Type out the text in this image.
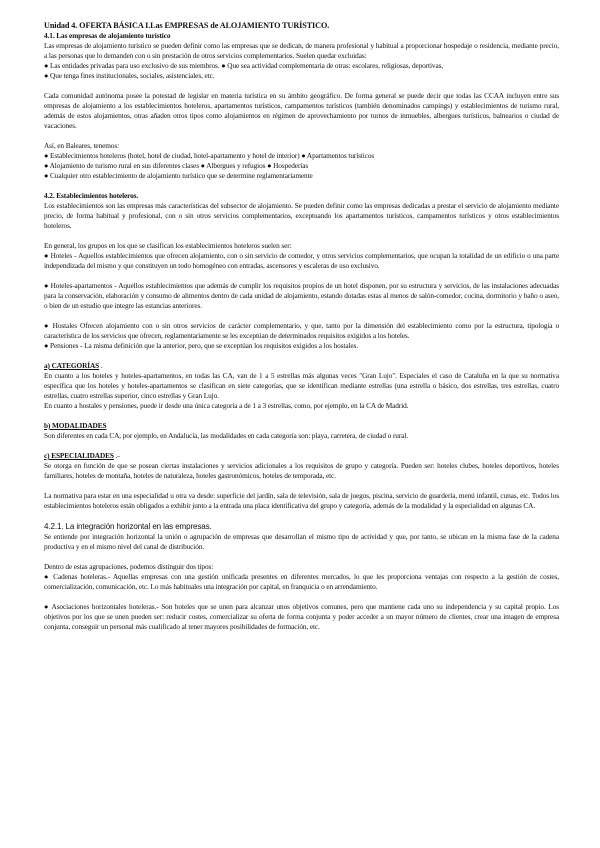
Unidad 4. OFERTA BÁSICA I.Las EMPRESAS de ALOJAMIENTO TURÍSTICO.

4.1. Las empresas de alojamiento turístico

Las empresas de alojamiento turístico se pueden definir como las empresas que se dedican, de manera profesional y habitual a proporcionar hospedaje o residencia, mediante precio, a las personas que lo demanden con o sin prestación de otros servicios complementarios. Suelen quedar excluidas:

● Las entidades privadas para uso exclusivo de sus miembros. ● Que sea actividad complementaria de otras: escolares, religiosas, deportivas,

● Que tenga fines institucionales, sociales, asistenciales, etc.

Cada comunidad autónoma posee la potestad de legislar en materia turística en su ámbito geográfico. De forma general se puede decir que todas las CCAA incluyen entre sus empresas de alojamiento a los establecimientos hoteleros, apartamentos turísticos, campamentos turísticos (también denominados campings) y establecimientos de turismo rural, además de estos alojamientos, otras añaden otros tipos como alojamientos en régimen de aprovechamiento por turnos de inmuebles, albergues turísticos, balnearios o ciudad de vacaciones.

Así, en Baleares, tenemos:

● Establecimientos hoteleros (hotel, hotel de ciudad, hotel-apartamento y hotel de interior) ● Apartamentos turísticos

● Alojamiento de turismo rural en sus diferentes clases ● Albergues y refugios ● Hospederías

● Cualquier otro establecimiento de alojamiento turístico que se determine reglamentariamente

4.2. Establecimientos hoteleros.

Los establecimientos son las empresas más características del subsector de alojamiento. Se pueden definir como las empresas dedicadas a prestar el servicio de alojamiento mediante precio, de forma habitual y profesional, con o sin otros servicios complementarios, exceptuando los apartamentos turísticos, campamentos turísticos y otros establecimientos hoteleros.

En general, los grupos en los que se clasifican los establecimientos hoteleros suelen ser:

● Hoteles - Aquellos establecimientos que ofrecen alojamiento, con o sin servicio de comedor, y otros servicios complementarios, que ocupan la totalidad de un edificio o una parte independizada del mismo y que constituyen un todo homogéneo con entradas, ascensores y escaleras de uso exclusivo.

● Hoteles-apartamentos - Aquellos establecimientos que además de cumplir los requisitos propios de un hotel disponen, por su estructura y servicios, de las instalaciones adecuadas para la conservación, elaboración y consumo de alimentos dentro de cada unidad de alojamiento, estando dotadas estas al menos de salón-comedor, cocina, dormitorio y baño o aseo, o bien de un estudio que integre las estancias anteriores.

● Hostales Ofrecen alojamiento con o sin otros servicios de carácter complementario, y que, tanto por la dimensión del establecimiento como por la estructura, tipología o característica de los servicios que ofrecen, reglamentariamente se les exceptúan de determinados requisitos exigidos a los hoteles.

● Pensiones - La misma definición que la anterior, pero, que se exceptúan los requisitos exigidos a los hostales.

a) CATEGORÍAS .

En cuanto a los hoteles y hoteles-apartamentos, en todas las CA, van de 1 a 5 estrellas más algunas veces "Gran Lujo". Especiales el caso de Cataluña en la que su normativa específica que los hoteles y hoteles-apartamentos se clasifican en siete categorías, que se identifican mediante estrellas (una estrella o básico, dos estrellas, tres estrellas, cuatro estrellas, cuatro estrellas superior, cinco estrellas y Gran Lujo.

En cuanto a hostales y pensiones, puede ir desde una única categoría a de 1 a 3 estrellas, como, por ejemplo, en la CA de Madrid.

b) MODALIDADES

Son diferentes en cada CA, por ejemplo, en Andalucía, las modalidades en cada categoría son: playa, carretera, de ciudad o rural.

c) ESPECIALIDADES .-

Se otorga en función de que se posean ciertas instalaciones y servicios adicionales a los requisitos de grupo y categoría. Pueden ser: hoteles clubes, hoteles deportivos, hoteles familiares, hoteles de montaña, hoteles de naturaleza, hoteles gastronómicos, hoteles de temporada, etc.

La normativa para estar en una especialidad u otra va desde: superficie del jardín, sala de televisión, sala de juegos, piscina, servicio de guardería, menú infantil, cunas, etc. Todos los establecimientos hoteleros están obligados a exhibir junto a la entrada una placa identificativa del grupo y categoría, además de la modalidad y la especialidad en algunas CA.

4.2.1. La integración horizontal en las empresas.

Se entiende por integración horizontal la unión o agrupación de empresas que desarrollan el mismo tipo de actividad y que, por tanto, se ubican en la misma fase de la cadena productiva y en el mismo nivel del canal de distribución.

Dentro de estas agrupaciones, podemos distinguir dos tipos:

● Cadenas hoteleras.- Aquellas empresas con una gestión unificada presentes en diferentes mercados, lo que les proporciona ventajas con respecto a la gestión de costes, comercialización, comunicación, etc. Lo más habituales una integración por capital, en franquicia o en arrendamiento.

● Asociaciones horizontales hoteleras.- Son hoteles que se unen para alcanzar unos objetivos comunes, pero que mantiene cada uno su independencia y su capital propio. Los objetivos por los que se unen pueden ser: reducir costes, comercializar su oferta de forma conjunta y poder acceder a un mayor número de clientes, crear una imagen de empresa conjunta, conseguir un personal más cualificado al tener mayores posibilidades de formación, etc.
